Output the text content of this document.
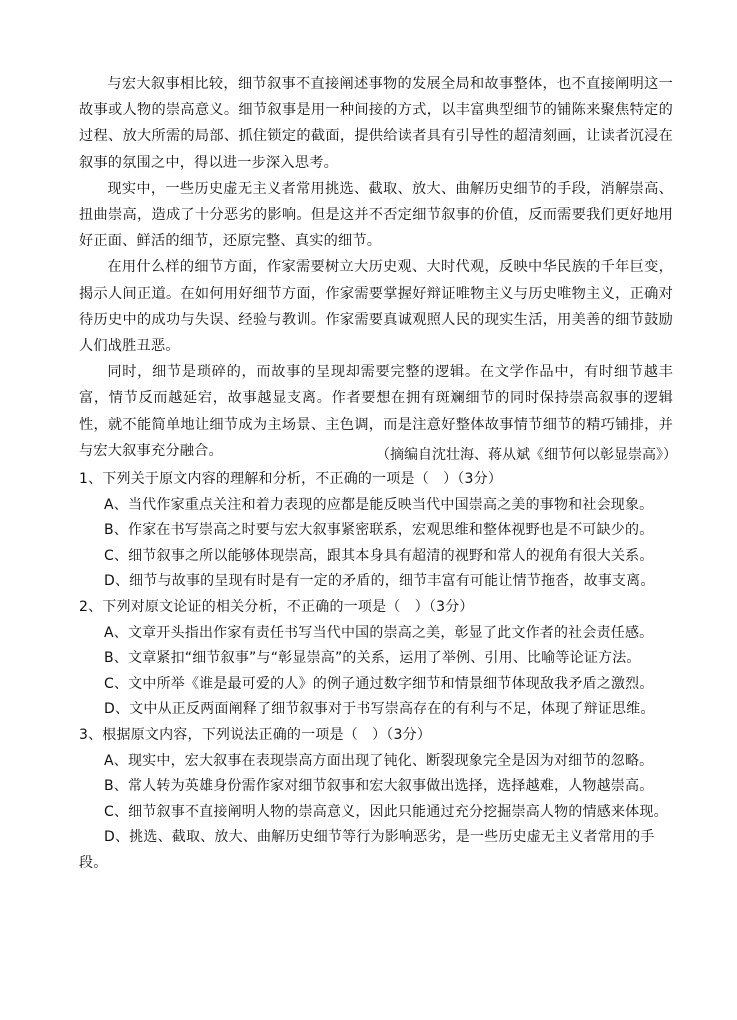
与宏大叙事相比较，细节叙事不直接阐述事物的发展全局和故事整体，也不直接阐明这一故事或人物的崇高意义。细节叙事是用一种间接的方式，以丰富典型细节的铺陈来聚焦特定的过程、放大所需的局部、抓住锁定的截面，提供给读者具有引导性的超清刻画，让读者沉浸在叙事的氛围之中，得以进一步深入思考。

现实中，一些历史虚无主义者常用挑选、截取、放大、曲解历史细节的手段，消解崇高、扭曲崇高，造成了十分恶劣的影响。但是这并不否定细节叙事的价值，反而需要我们更好地用好正面、鲜活的细节，还原完整、真实的细节。

在用什么样的细节方面，作家需要树立大历史观、大时代观，反映中华民族的千年巨变，揭示人间正道。在如何用好细节方面，作家需要掌握好辩证唯物主义与历史唯物主义，正确对待历史中的成功与失误、经验与教训。作家需要真诚观照人民的现实生活，用美善的细节鼓励人们战胜丑恶。

同时，细节是琐碎的，而故事的呈现却需要完整的逻辑。在文学作品中，有时细节越丰富，情节反而越延宕，故事越显支离。作者要想在拥有斑斓细节的同时保持崇高叙事的逻辑性，就不能简单地让细节成为主场景、主色调，而是注意好整体故事情节细节的精巧铺排，并与宏大叙事充分融合。	（摘编自沈壮海、蒋从斌《细节何以彰显崇高》）

1、下列关于原文内容的理解和分析，不正确的一项是（　）（3分）

A、当代作家重点关注和着力表现的应都是能反映当代中国崇高之美的事物和社会现象。

B、作家在书写崇高之时要与宏大叙事紧密联系，宏观思维和整体视野也是不可缺少的。

C、细节叙事之所以能够体现崇高，跟其本身具有超清的视野和常人的视角有很大关系。

D、细节与故事的呈现有时是有一定的矛盾的，细节丰富有可能让情节拖沓，故事支离。

2、下列对原文论证的相关分析，不正确的一项是（　）（3分）

A、文章开头指出作家有责任书写当代中国的崇高之美，彰显了此文作者的社会责任感。

B、文章紧扣“细节叙事”与“彰显崇高”的关系，运用了举例、引用、比喻等论证方法。

C、文中所举《谁是最可爱的人》的例子通过数字细节和情景细节体现敌我矛盾之激烈。

D、文中从正反两面阐释了细节叙事对于书写崇高存在的有利与不足，体现了辩证思维。

3、根据原文内容，下列说法正确的一项是（　）（3分）

A、现实中，宏大叙事在表现崇高方面出现了钝化、断裂现象完全是因为对细节的忽略。

B、常人转为英雄身份需作家对细节叙事和宏大叙事做出选择，选择越难，人物越崇高。

C、细节叙事不直接阐明人物的崇高意义，因此只能通过充分挖掘崇高人物的情感来体现。

D、挑选、截取、放大、曲解历史细节等行为影响恶劣，是一些历史虚无主义者常用的手段。
